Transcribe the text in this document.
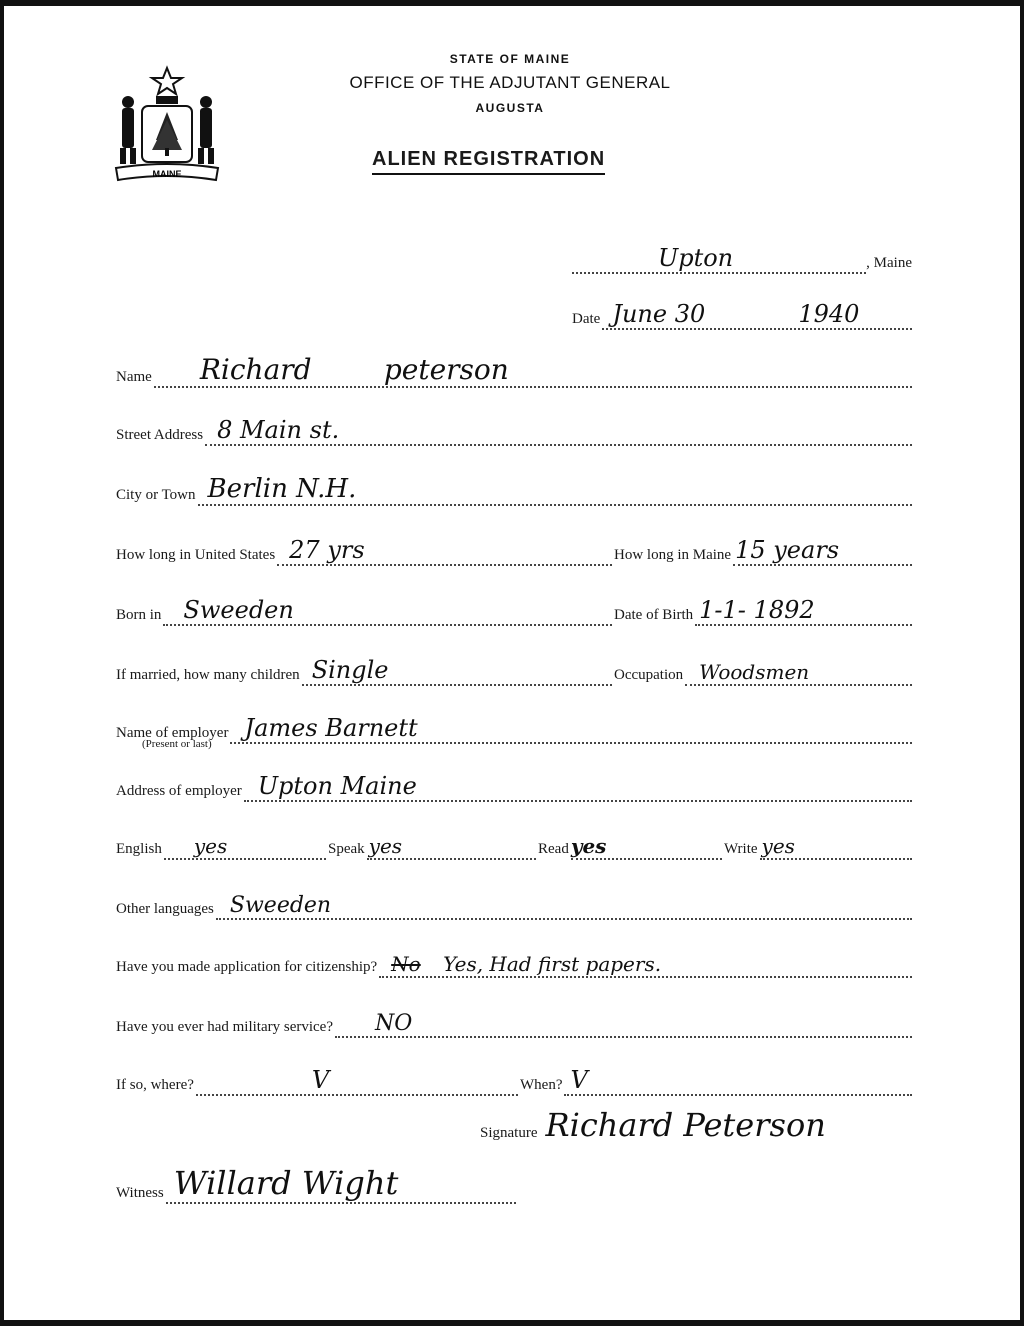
MAINE
STATE OF MAINE
OFFICE OF THE ADJUTANT GENERAL
AUGUSTA
ALIEN REGISTRATION
Upton	, Maine
Date June 30	1940
Name Richard	peterson
Street Address 8 Main st.
City or Town Berlin N.H.
How long in United States 27 yrs	How long in Maine 15 years
Born in Sweeden	Date of Birth 1-1- 1892
If married, how many children Single	Occupation Woodsmen
Name of employer James Barnett
(Present or last)
Address of employer Upton Maine
English yes	Speak yes	Read yes	Write yes
Other languages Sweeden
Have you made application for citizenship? No Yes, Had first papers.
Have you ever had military service? NO
If so, where?	V	When? V
Signature Richard Peterson
Witness Willard Wight
